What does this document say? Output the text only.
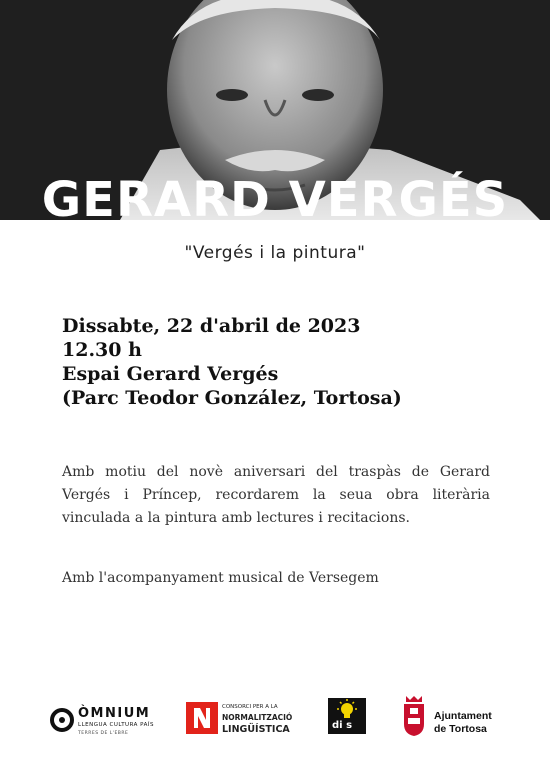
GERARD VERGÉS
"Vergés i la pintura"
Dissabte, 22 d'abril de 2023
12.30 h
Espai Gerard Vergés
(Parc Teodor González, Tortosa)
Amb motiu del novè aniversari del traspàs de Gerard Vergés i Príncep, recordarem la seua obra literària vinculada a la pintura amb lectures i recitacions.
Amb l'acompanyament musical de Versegem
ÒMNIUM
LLENGUA CULTURA PAÍS
TERRES DE L'EBRE
CONSORCI PER A LA
NORMALITZACIÓ
LINGÜÍSTICA	di s
Ajuntament
de Tortosa
